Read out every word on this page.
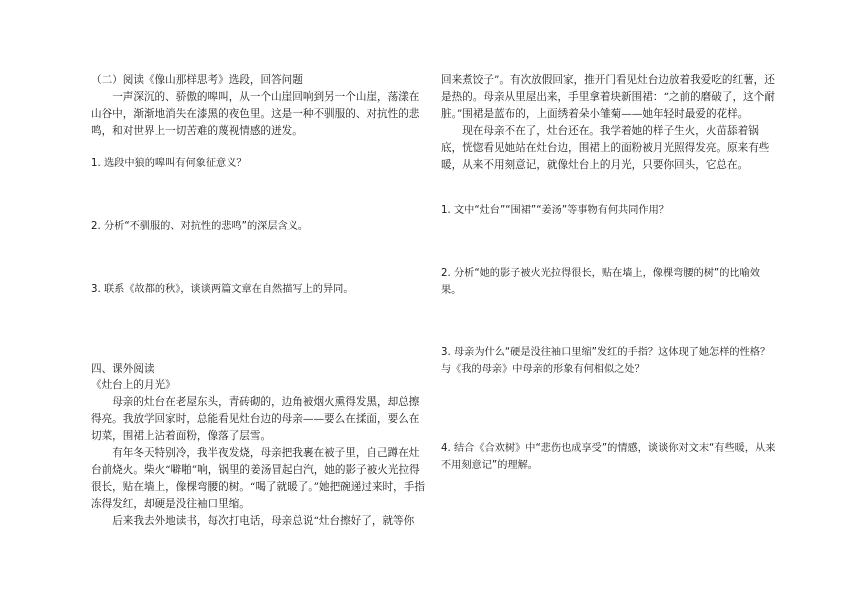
（二）阅读《像山那样思考》选段，回答问题

一声深沉的、骄傲的嗥叫，从一个山崖回响到另一个山崖，荡漾在山谷中，渐渐地消失在漆黑的夜色里。这是一种不驯服的、对抗性的悲鸣，和对世界上一切苦难的蔑视情感的迸发。

1. 选段中狼的嗥叫有何象征意义？

2. 分析“不驯服的、对抗性的悲鸣”的深层含义。

3. 联系《故都的秋》，谈谈两篇文章在自然描写上的异同。

四、课外阅读

《灶台上的月光》

母亲的灶台在老屋东头，青砖砌的，边角被烟火熏得发黑，却总擦得亮。我放学回家时，总能看见灶台边的母亲——要么在揉面，要么在切菜，围裙上沾着面粉，像落了层雪。

有年冬天特别冷，我半夜发烧，母亲把我裹在被子里，自己蹲在灶台前烧火。柴火“噼啪”响，锅里的姜汤冒起白汽，她的影子被火光拉得很长，贴在墙上，像棵弯腰的树。“喝了就暖了。”她把碗递过来时，手指冻得发红，却硬是没往袖口里缩。

后来我去外地读书，每次打电话，母亲总说“灶台擦好了，就等你

回来煮饺子”。有次放假回家，推开门看见灶台边放着我爱吃的红薯，还是热的。母亲从里屋出来，手里拿着块新围裙：“之前的磨破了，这个耐脏。”围裙是蓝布的，上面绣着朵小雏菊——她年轻时最爱的花样。

现在母亲不在了，灶台还在。我学着她的样子生火，火苗舔着锅底，恍惚看见她站在灶台边，围裙上的面粉被月光照得发亮。原来有些暖，从来不用刻意记，就像灶台上的月光，只要你回头，它总在。

1. 文中“灶台”“围裙”“姜汤”等事物有何共同作用？

2. 分析“她的影子被火光拉得很长，贴在墙上，像棵弯腰的树”的比喻效果。

3. 母亲为什么“硬是没往袖口里缩”发红的手指？这体现了她怎样的性格？与《我的母亲》中母亲的形象有何相似之处？

4. 结合《合欢树》中“悲伤也成享受”的情感，谈谈你对文末“有些暖，从来不用刻意记”的理解。
